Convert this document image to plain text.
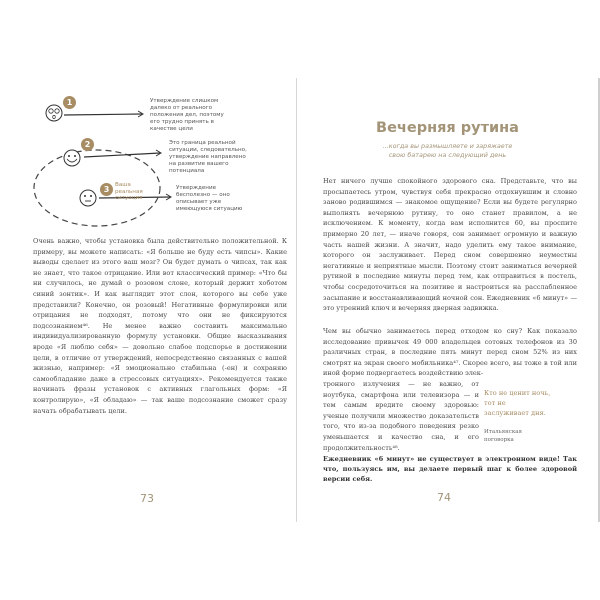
1
2
3	Ваша реальная ситуация
Утверждение слишком далеко от реального положения дел, поэтому его трудно принять в качестве цели
Это граница реальной ситуации, следовательно, утверждение направлено на развитие вашего потенциала
Утверждение бесполезно — оно описывает уже имеющуюся ситуацию

Очень важно, чтобы установка была действительно положительной. К примеру, вы можете написать: «Я больше не буду есть чипсы». Какие выводы сделает из этого ваш мозг? Он будет думать о чипсах, так как не знает, что такое отрицание. Или вот классический пример: «Что бы ни случилось, не думай о розовом слоне, который держит хоботом синий зонтик». И как выглядит этот слон, которого вы себе уже представили? Конечно, он розовый! Негативные формулировки или отрицания не подходят, потому что они не фиксируются подсознанием⁴⁶. Не менее важно составить максимально индивидуализированную формулу установки. Общие высказывания вроде «Я люблю себя» — довольно слабое подспорье в достижении цели, в отличие от утверждений, непосредственно связанных с вашей жизнью, например: «Я эмоционально стабильна (-ен) и сохраняю самообладание даже в стрессовых ситуациях». Рекомендуется также начинать фразы установок с активных глагольных форм: «Я контролирую», «Я обладаю» — так ваше подсознание сможет сразу начать обрабатывать цели.

73
Вечерняя рутина
...когда вы размышляете и заряжаете
свою батарею на следующий день
Нет ничего лучше спокойного здорового сна. Представьте, что вы просыпаетесь утром, чувствуя себя прекрасно отдохнувшим и словно заново родившимся — знакомое ощущение? Если вы будете регулярно выполнять вечернюю рутину, то оно станет правилом, а не исключением. К моменту, когда вам исполнится 60, вы проспите примерно 20 лет, — иначе говоря, сон занимает огромную и важную часть нашей жизни. А значит, надо уделить ему такое внимание, которого он заслуживает. Перед сном совершенно неуместны негативные и неприятные мысли. Поэтому стоит заниматься вечерней рутиной в последние минуты перед тем, как отправиться в постель, чтобы сосредоточиться на позитиве и настроиться на расслабленное засыпание и восстанавливающий ночной сон. Ежедневник «6 минут» — это утренний ключ и вечерняя дверная задвижка.
Чем вы обычно занимаетесь перед отходом ко сну? Как показало исследование привычек 49 000 владельцев сотовых телефонов из 30 различных стран, в последние пять минут перед сном 52% из них смотрят на экран своего мобильника⁴⁷. Скорее всего, вы тоже в той или иной форме подвергаетесь воздействию элек-
тронного излучения — не важно, от ноутбука, смартфона или телевизора — и тем самым вредите своему здоровью: ученые получили множество доказательств того, что из-за подобного поведения резко уменьшается и качество сна, и его продолжительность⁴⁸.
Кто не ценит ночь, тот не заслуживает дня.
Итальянская поговорка
Ежедневник «6 минут» не существует в электронном виде! Так что, пользуясь им, вы делаете первый шаг к более здоровой версии себя.
74
